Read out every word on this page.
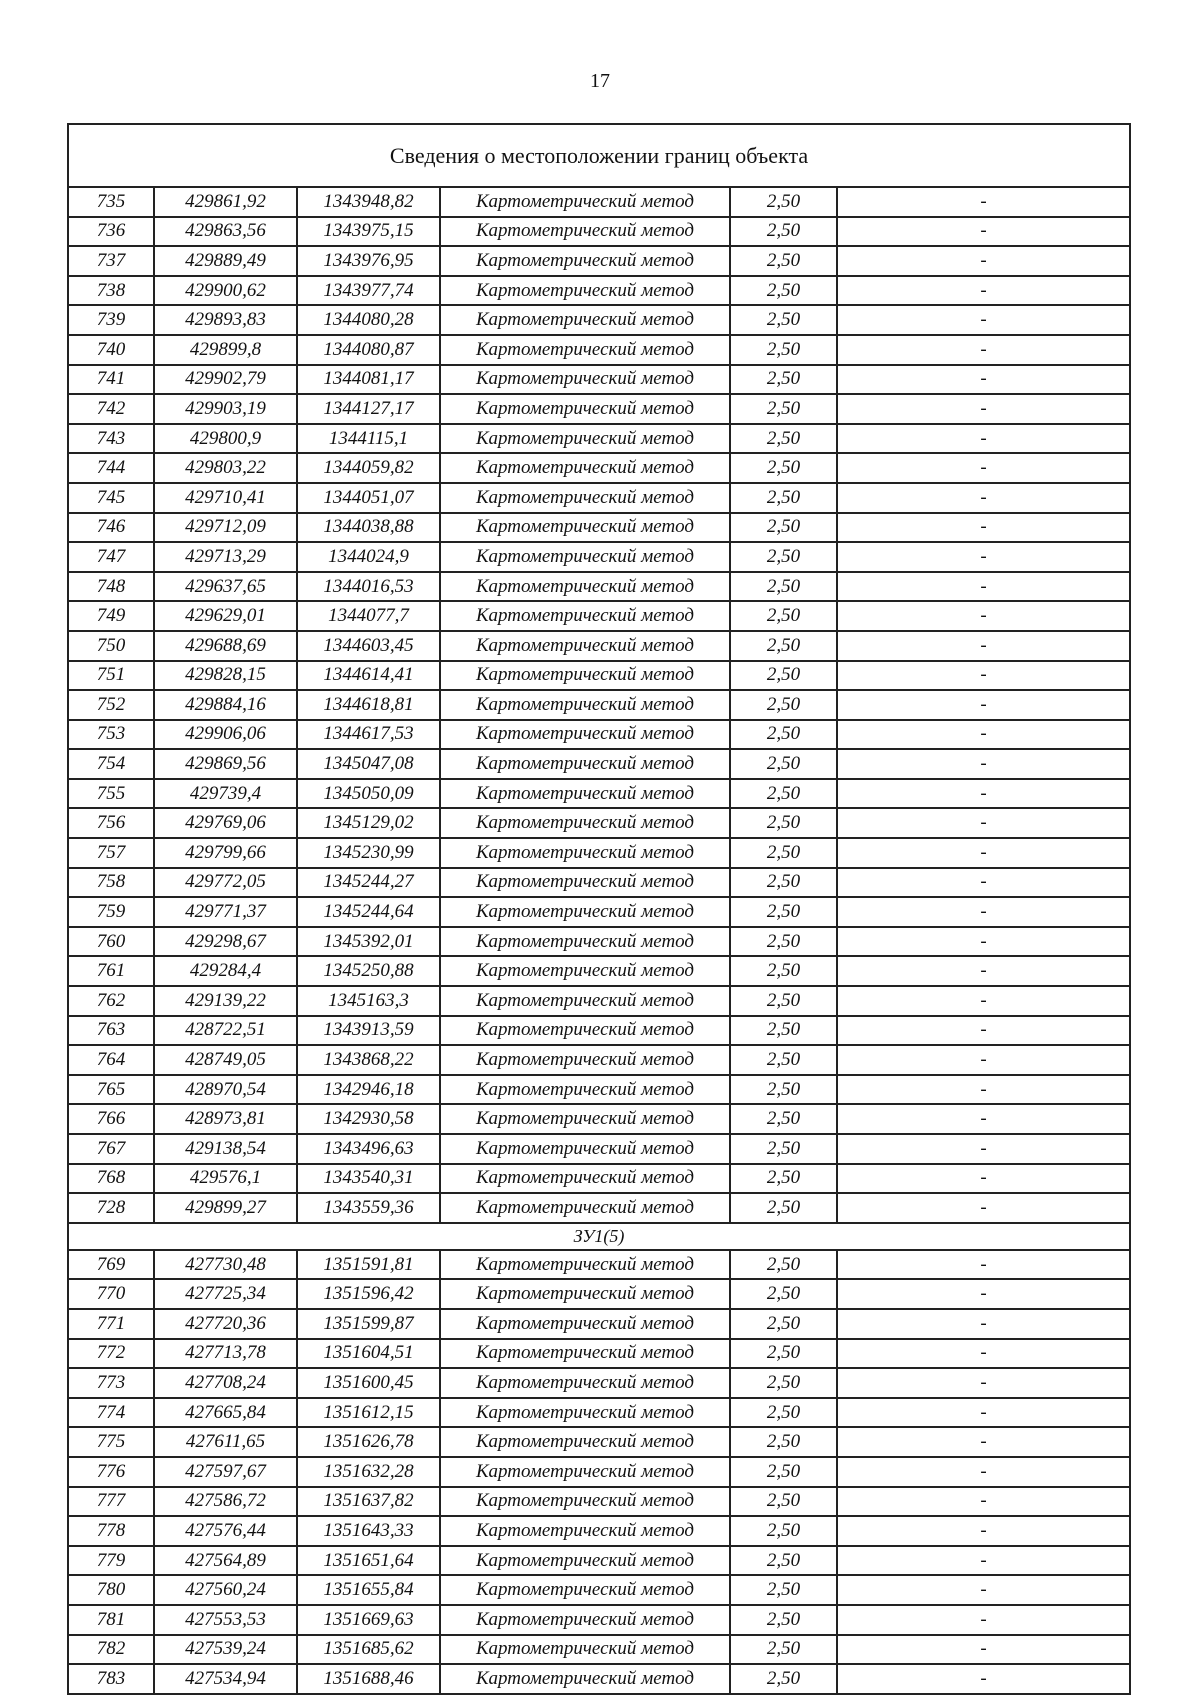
17
Сведения о местоположении границ объекта					
735	429861,92	1343948,82	Картометрический метод	2,50	-
736	429863,56	1343975,15	Картометрический метод	2,50	-
737	429889,49	1343976,95	Картометрический метод	2,50	-
738	429900,62	1343977,74	Картометрический метод	2,50	-
739	429893,83	1344080,28	Картометрический метод	2,50	-
740	429899,8	1344080,87	Картометрический метод	2,50	-
741	429902,79	1344081,17	Картометрический метод	2,50	-
742	429903,19	1344127,17	Картометрический метод	2,50	-
743	429800,9	1344115,1	Картометрический метод	2,50	-
744	429803,22	1344059,82	Картометрический метод	2,50	-
745	429710,41	1344051,07	Картометрический метод	2,50	-
746	429712,09	1344038,88	Картометрический метод	2,50	-
747	429713,29	1344024,9	Картометрический метод	2,50	-
748	429637,65	1344016,53	Картометрический метод	2,50	-
749	429629,01	1344077,7	Картометрический метод	2,50	-
750	429688,69	1344603,45	Картометрический метод	2,50	-
751	429828,15	1344614,41	Картометрический метод	2,50	-
752	429884,16	1344618,81	Картометрический метод	2,50	-
753	429906,06	1344617,53	Картометрический метод	2,50	-
754	429869,56	1345047,08	Картометрический метод	2,50	-
755	429739,4	1345050,09	Картометрический метод	2,50	-
756	429769,06	1345129,02	Картометрический метод	2,50	-
757	429799,66	1345230,99	Картометрический метод	2,50	-
758	429772,05	1345244,27	Картометрический метод	2,50	-
759	429771,37	1345244,64	Картометрический метод	2,50	-
760	429298,67	1345392,01	Картометрический метод	2,50	-
761	429284,4	1345250,88	Картометрический метод	2,50	-
762	429139,22	1345163,3	Картометрический метод	2,50	-
763	428722,51	1343913,59	Картометрический метод	2,50	-
764	428749,05	1343868,22	Картометрический метод	2,50	-
765	428970,54	1342946,18	Картометрический метод	2,50	-
766	428973,81	1342930,58	Картометрический метод	2,50	-
767	429138,54	1343496,63	Картометрический метод	2,50	-
768	429576,1	1343540,31	Картометрический метод	2,50	-
728	429899,27	1343559,36	Картометрический метод	2,50	-
ЗУ1(5)					
769	427730,48	1351591,81	Картометрический метод	2,50	-
770	427725,34	1351596,42	Картометрический метод	2,50	-
771	427720,36	1351599,87	Картометрический метод	2,50	-
772	427713,78	1351604,51	Картометрический метод	2,50	-
773	427708,24	1351600,45	Картометрический метод	2,50	-
774	427665,84	1351612,15	Картометрический метод	2,50	-
775	427611,65	1351626,78	Картометрический метод	2,50	-
776	427597,67	1351632,28	Картометрический метод	2,50	-
777	427586,72	1351637,82	Картометрический метод	2,50	-
778	427576,44	1351643,33	Картометрический метод	2,50	-
779	427564,89	1351651,64	Картометрический метод	2,50	-
780	427560,24	1351655,84	Картометрический метод	2,50	-
781	427553,53	1351669,63	Картометрический метод	2,50	-
782	427539,24	1351685,62	Картометрический метод	2,50	-
783	427534,94	1351688,46	Картометрический метод	2,50	-
